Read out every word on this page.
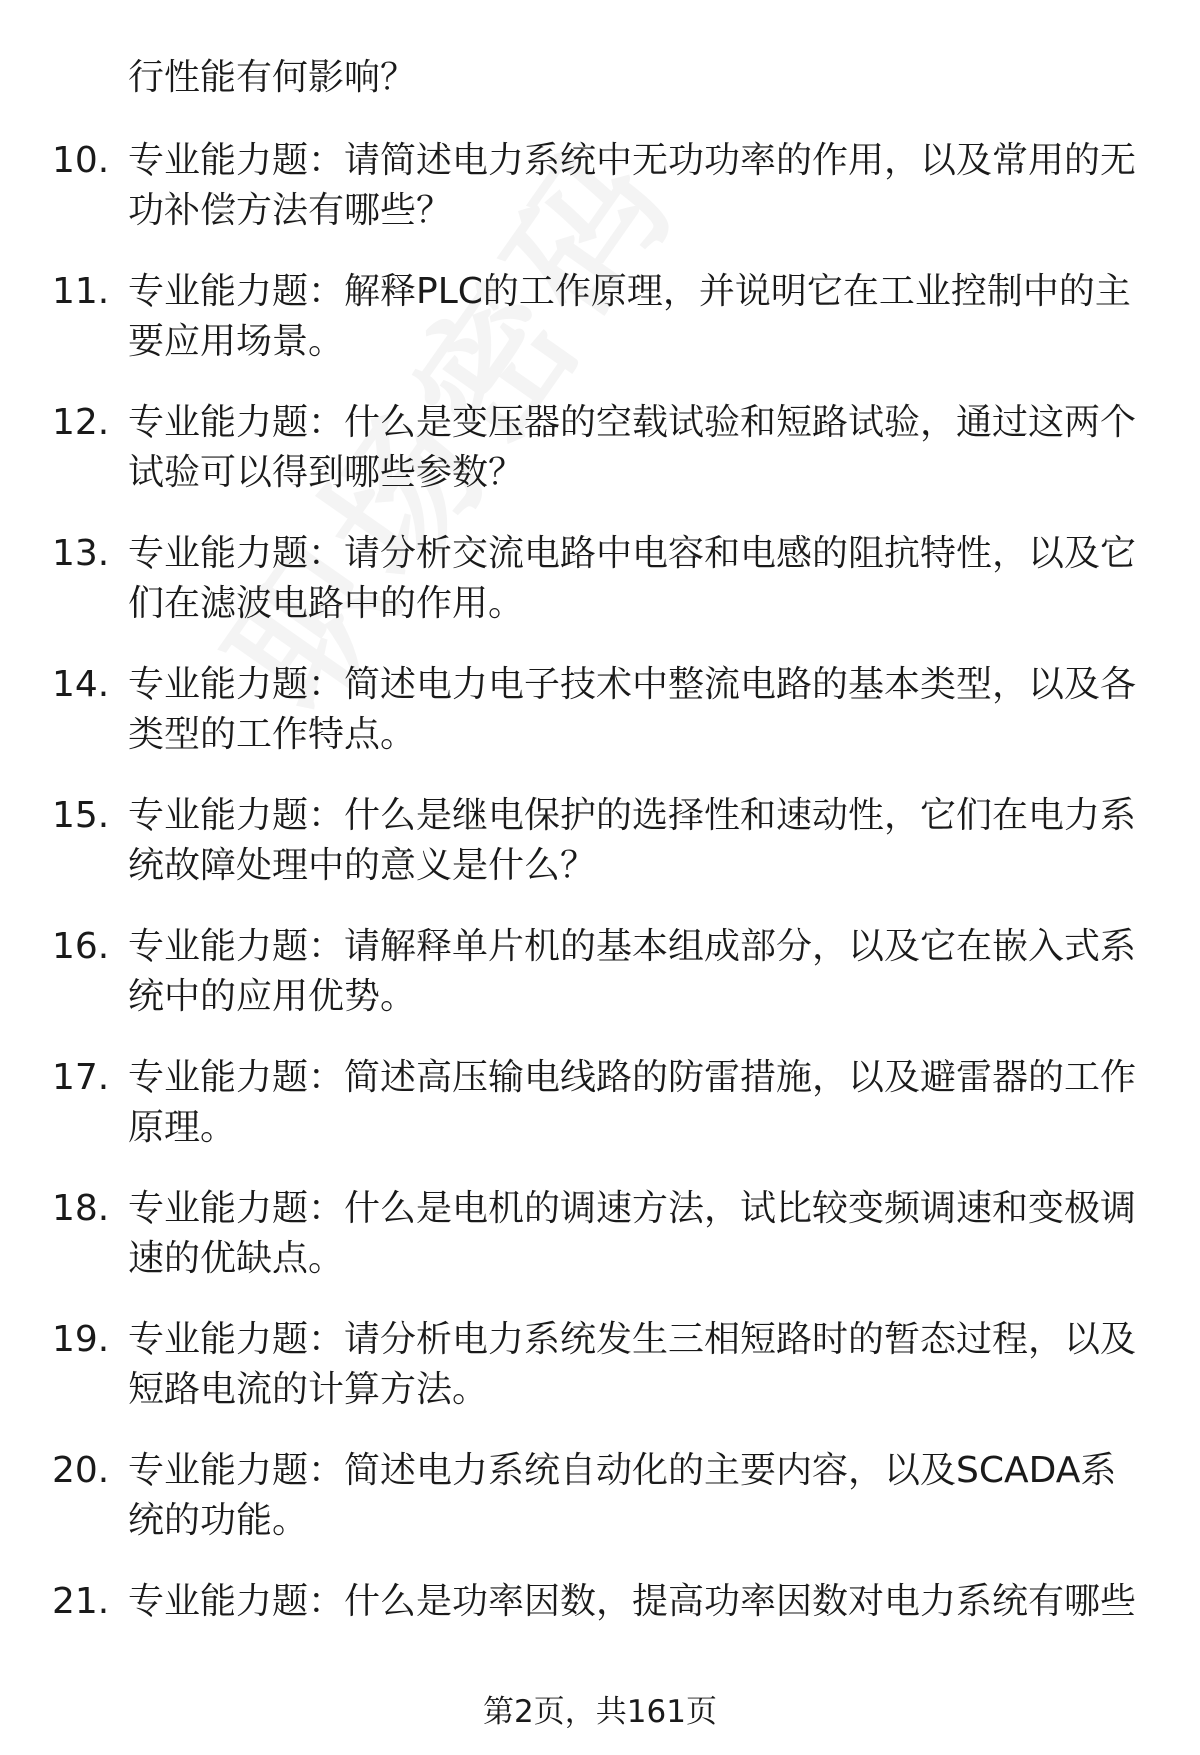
行性能有何影响？
10. 专业能力题：请简述电力系统中无功功率的作用，以及常用的无功补偿方法有哪些？
11. 专业能力题：解释PLC的工作原理，并说明它在工业控制中的主要应用场景。
12. 专业能力题：什么是变压器的空载试验和短路试验，通过这两个试验可以得到哪些参数？
13. 专业能力题：请分析交流电路中电容和电感的阻抗特性，以及它们在滤波电路中的作用。
14. 专业能力题：简述电力电子技术中整流电路的基本类型，以及各类型的工作特点。
15. 专业能力题：什么是继电保护的选择性和速动性，它们在电力系统故障处理中的意义是什么？
16. 专业能力题：请解释单片机的基本组成部分，以及它在嵌入式系统中的应用优势。
17. 专业能力题：简述高压输电线路的防雷措施，以及避雷器的工作原理。
18. 专业能力题：什么是电机的调速方法，试比较变频调速和变极调速的优缺点。
19. 专业能力题：请分析电力系统发生三相短路时的暂态过程，以及短路电流的计算方法。
20. 专业能力题：简述电力系统自动化的主要内容，以及SCADA系统的功能。
21. 专业能力题：什么是功率因数，提高功率因数对电力系统有哪些
第2页，共161页
